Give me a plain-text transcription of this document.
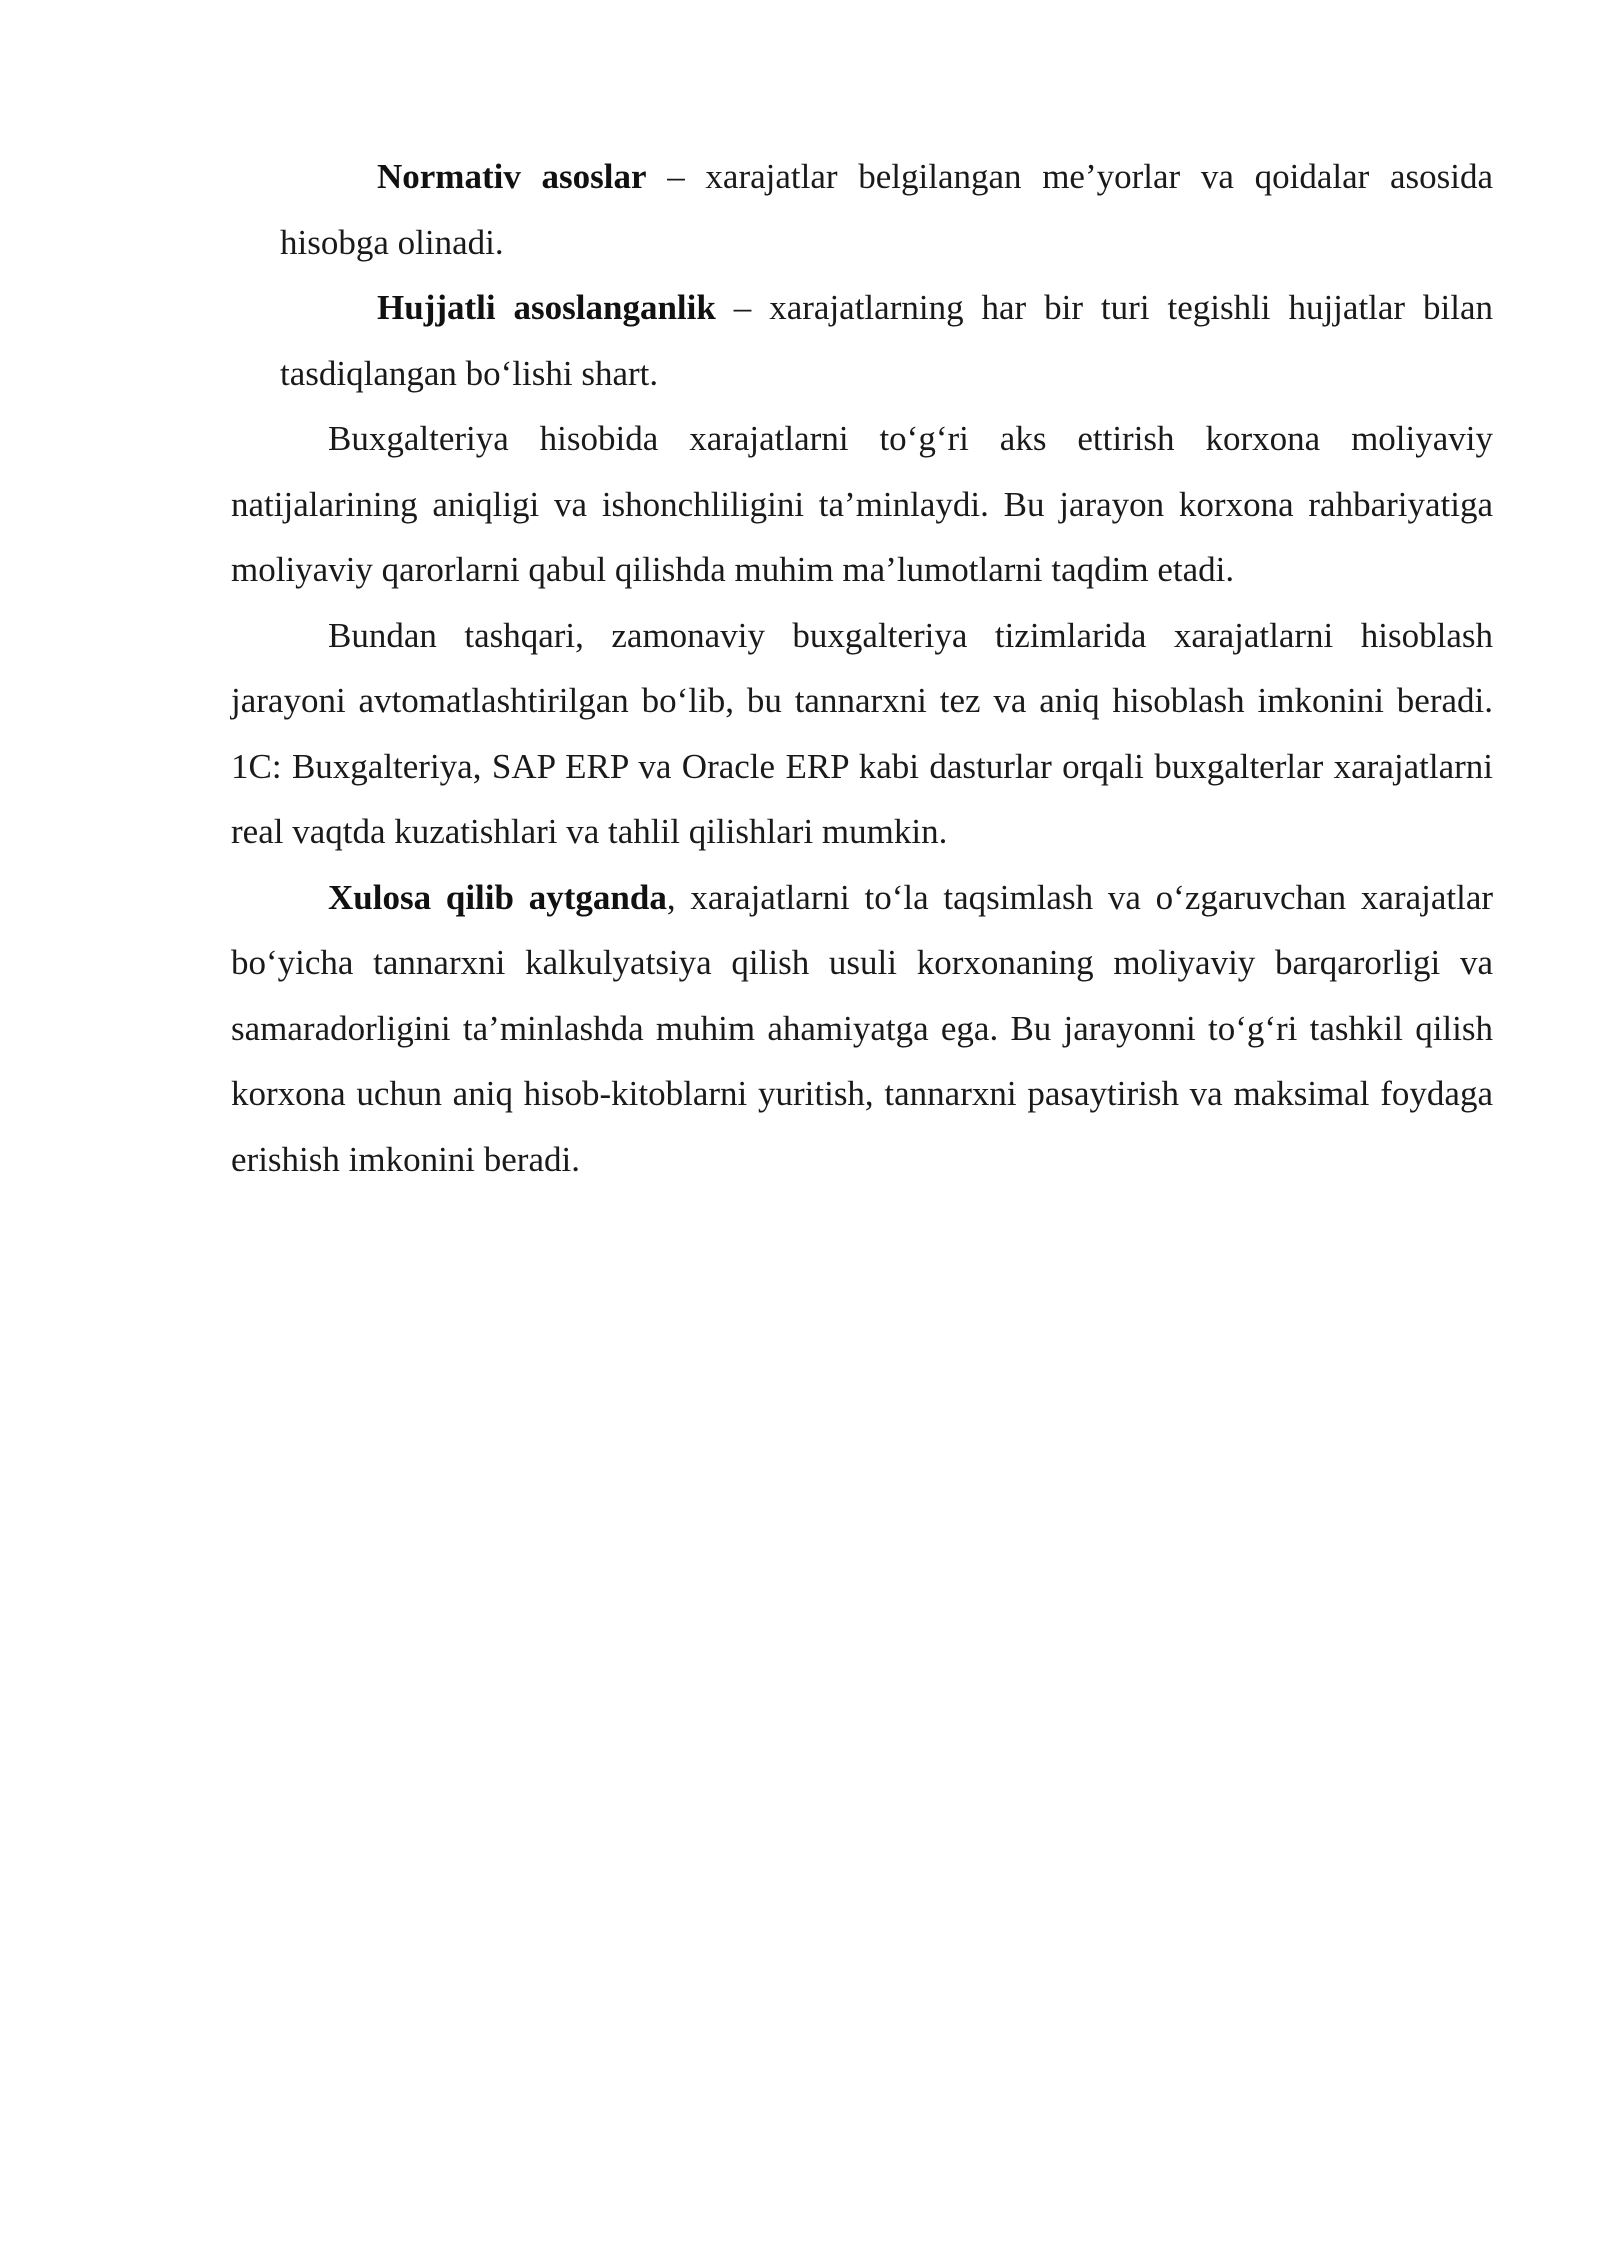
Normativ asoslar – xarajatlar belgilangan me’yorlar va qoidalar asosida hisobga olinadi.

Hujjatli asoslanganlik – xarajatlarning har bir turi tegishli hujjatlar bilan tasdiqlangan bo‘lishi shart.

Buxgalteriya hisobida xarajatlarni to‘g‘ri aks ettirish korxona moliyaviy natijalarining aniqligi va ishonchliligini ta’minlaydi. Bu jarayon korxona rahbariyatiga moliyaviy qarorlarni qabul qilishda muhim ma’lumotlarni taqdim etadi.

Bundan tashqari, zamonaviy buxgalteriya tizimlarida xarajatlarni hisoblash jarayoni avtomatlashtirilgan bo‘lib, bu tannarxni tez va aniq hisoblash imkonini beradi. 1C: Buxgalteriya, SAP ERP va Oracle ERP kabi dasturlar orqali buxgalterlar xarajatlarni real vaqtda kuzatishlari va tahlil qilishlari mumkin.

Xulosa qilib aytganda, xarajatlarni to‘la taqsimlash va o‘zgaruvchan xarajatlar bo‘yicha tannarxni kalkulyatsiya qilish usuli korxonaning moliyaviy barqarorligi va samaradorligini ta’minlashda muhim ahamiyatga ega. Bu jarayonni to‘g‘ri tashkil qilish korxona uchun aniq hisob-kitoblarni yuritish, tannarxni pasaytirish va maksimal foydaga erishish imkonini beradi.
